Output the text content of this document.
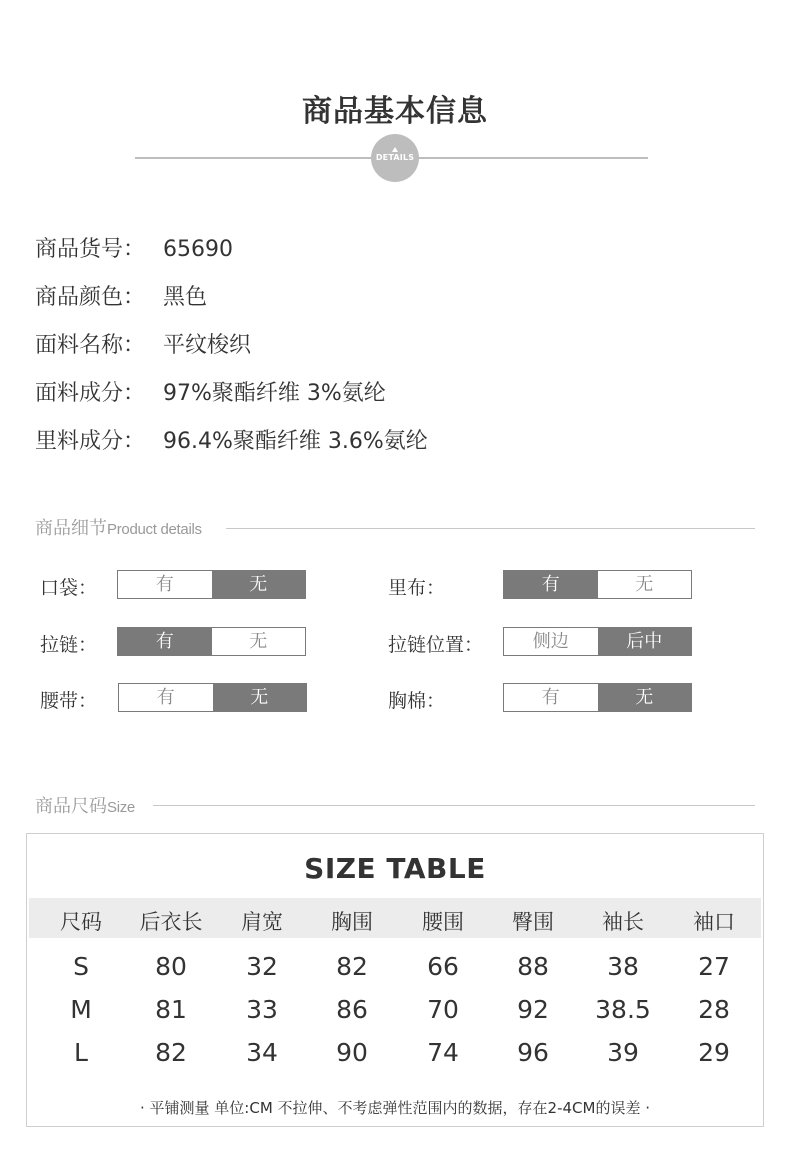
商品基本信息
DETAILS
商品货号： 65690
商品颜色： 黑色
面料名称： 平纹梭织
面料成分： 97%聚酯纤维 3%氨纶
里料成分： 96.4%聚酯纤维 3.6%氨纶
商品细节Product details
口袋：	有	无	里布：	有	无
拉链：	有	无	拉链位置：	侧边	后中
腰带：	有	无	胸棉：	有	无
商品尺码Size
SIZE TABLE
尺码	后衣长	肩宽	胸围	腰围	臀围	袖长	袖口
S	80	32	82	66	88	38	27
M	81	33	86	70	92	38.5	28
L	82	34	90	74	96	39	29
· 平铺测量 单位:CM 不拉伸、不考虑弹性范围内的数据，存在2-4CM的误差 ·
